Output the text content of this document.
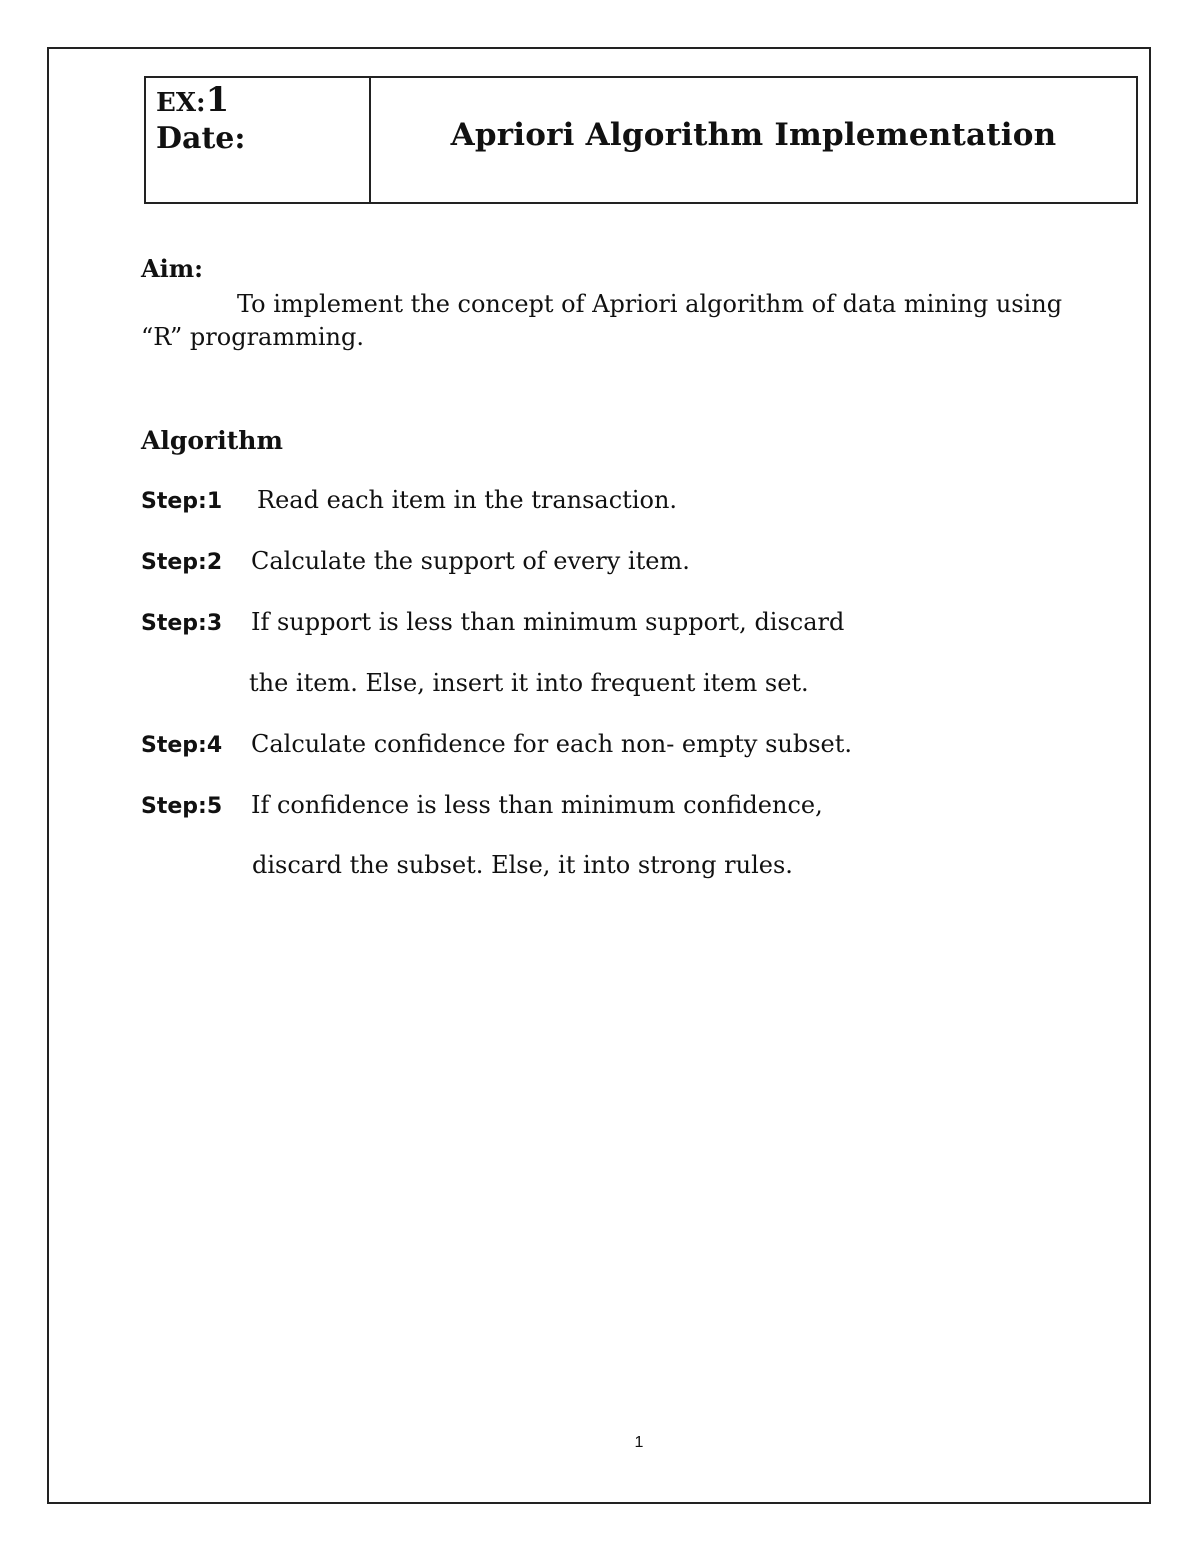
EX:1
Date:	Apriori Algorithm Implementation
Aim:
To implement the concept of Apriori algorithm of data mining using “R” programming.
Algorithm
Step:1 Read each item in the transaction.
Step:2 Calculate the support of every item.
Step:3 If support is less than minimum support, discard
the item. Else, insert it into frequent item set.
Step:4 Calculate confidence for each non- empty subset.
Step:5 If confidence is less than minimum confidence,
discard the subset. Else, it into strong rules.
1
